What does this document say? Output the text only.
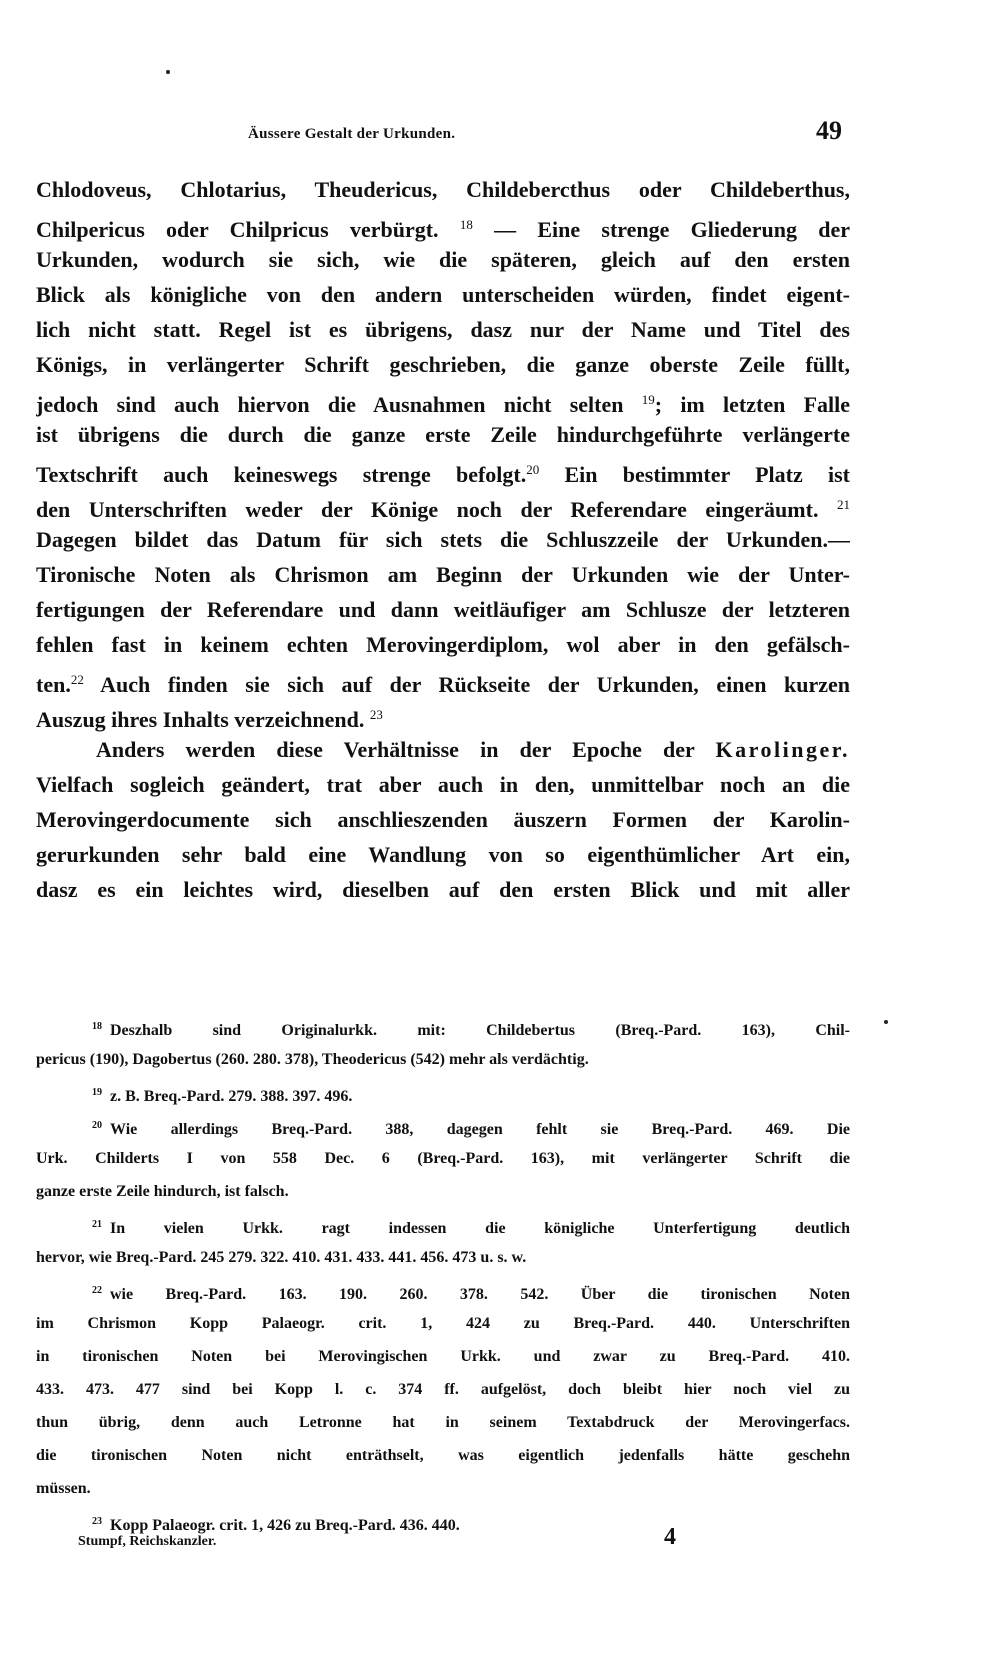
Äussere Gestalt der Urkunden.	49

Chlodoveus, Chlotarius, Theudericus, Childebercthus oder Childeberthus,
Chilpericus oder Chilpricus verbürgt. $^{18}$ — Eine strenge Gliederung der
Urkunden, wodurch sie sich, wie die späteren, gleich auf den ersten
Blick als königliche von den andern unterscheiden würden, findet eigent-
lich nicht statt. Regel ist es übrigens, dasz nur der Name und Titel des
Königs, in verlängerter Schrift geschrieben, die ganze oberste Zeile füllt,
jedoch sind auch hiervon die Ausnahmen nicht selten $^{19}$; im letzten Falle
ist übrigens die durch die ganze erste Zeile hindurchgeführte verlängerte
Textschrift auch keineswegs strenge befolgt.$^{20}$ Ein bestimmter Platz ist
den Unterschriften weder der Könige noch der Referendare eingeräumt. $^{21}$
Dagegen bildet das Datum für sich stets die Schluszzeile der Urkunden.—
Tironische Noten als Chrismon am Beginn der Urkunden wie der Unter-
fertigungen der Referendare und dann weitläufiger am Schlusze der letzteren
fehlen fast in keinem echten Merovingerdiplom, wol aber in den gefälsch-
ten.$^{22}$ Auch finden sie sich auf der Rückseite der Urkunden, einen kurzen
Auszug ihres Inhalts verzeichnend. $^{23}$

Anders werden diese Verhältnisse in der Epoche der Karolinger.
Vielfach sogleich geändert, trat aber auch in den, unmittelbar noch an die
Merovingerdocumente sich anschlieszenden äuszern Formen der Karolin-
gerurkunden sehr bald eine Wandlung von so eigenthümlicher Art ein,
dasz es ein leichtes wird, dieselben auf den ersten Blick und mit aller

$^{18}$ Deszhalb sind Originalurkk. mit: Childebertus (Breq.-Pard. 163), Chil-
pericus (190), Dagobertus (260. 280. 378), Theodericus (542) mehr als verdächtig.
$^{19}$ z. B. Breq.-Pard. 279. 388. 397. 496.
$^{20}$ Wie allerdings Breq.-Pard. 388, dagegen fehlt sie Breq.-Pard. 469. Die
Urk. Childerts I von 558 Dec. 6 (Breq.-Pard. 163), mit verlängerter Schrift die
ganze erste Zeile hindurch, ist falsch.
$^{21}$ In vielen Urkk. ragt indessen die königliche Unterfertigung deutlich
hervor, wie Breq.-Pard. 245 279. 322. 410. 431. 433. 441. 456. 473 u. s. w.
$^{22}$ wie Breq.-Pard. 163. 190. 260. 378. 542. Über die tironischen Noten
im Chrismon Kopp Palaeogr. crit. 1, 424 zu Breq.-Pard. 440. Unterschriften
in tironischen Noten bei Merovingischen Urkk. und zwar zu Breq.-Pard. 410.
433. 473. 477 sind bei Kopp l. c. 374 ff. aufgelöst, doch bleibt hier noch viel zu
thun übrig, denn auch Letronne hat in seinem Textabdruck der Merovingerfacs.
die tironischen Noten nicht enträthselt, was eigentlich jedenfalls hätte geschehn
müssen.
$^{23}$ Kopp Palaeogr. crit. 1, 426 zu Breq.-Pard. 436. 440.
Stumpf, Reichskanzler.	4
